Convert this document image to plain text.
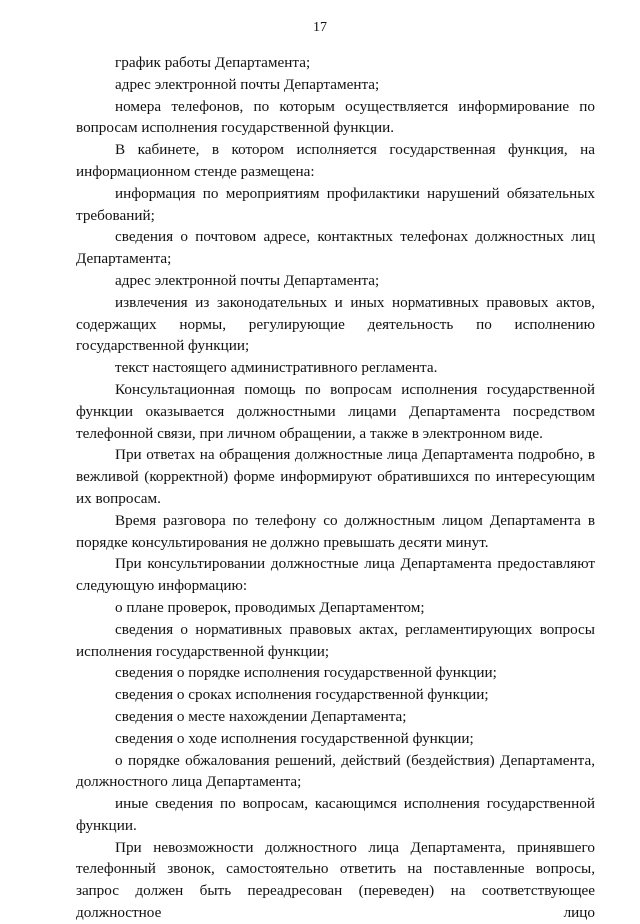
17

график работы Департамента;

адрес электронной почты Департамента;

номера телефонов, по которым осуществляется информирование по вопросам исполнения государственной функции.

В кабинете, в котором исполняется государственная функция, на информационном стенде размещена:

информация по мероприятиям профилактики нарушений обязательных требований;

сведения о почтовом адресе, контактных телефонах должностных лиц Департамента;

адрес электронной почты Департамента;

извлечения из законодательных и иных нормативных правовых актов, содержащих нормы, регулирующие деятельность по исполнению государственной функции;

текст настоящего административного регламента.

Консультационная помощь по вопросам исполнения государственной функции оказывается должностными лицами Департамента посредством телефонной связи, при личном обращении, а также в электронном виде.

При ответах на обращения должностные лица Департамента подробно, в вежливой (корректной) форме информируют обратившихся по интересующим их вопросам.

Время разговора по телефону со должностным лицом Департамента в порядке консультирования не должно превышать десяти минут.

При консультировании должностные лица Департамента предоставляют следующую информацию:

о плане проверок, проводимых Департаментом;

сведения о нормативных правовых актах, регламентирующих вопросы исполнения государственной функции;

сведения о порядке исполнения государственной функции;

сведения о сроках исполнения государственной функции;

сведения о месте нахождении Департамента;

сведения о ходе исполнения государственной функции;

о порядке обжалования решений, действий (бездействия) Департамента, должностного лица Департамента;

иные сведения по вопросам, касающимся исполнения государственной функции.

При невозможности должностного лица Департамента, принявшего телефонный звонок, самостоятельно ответить на поставленные вопросы, запрос должен быть переадресован (переведен) на соответствующее должностное лицо
